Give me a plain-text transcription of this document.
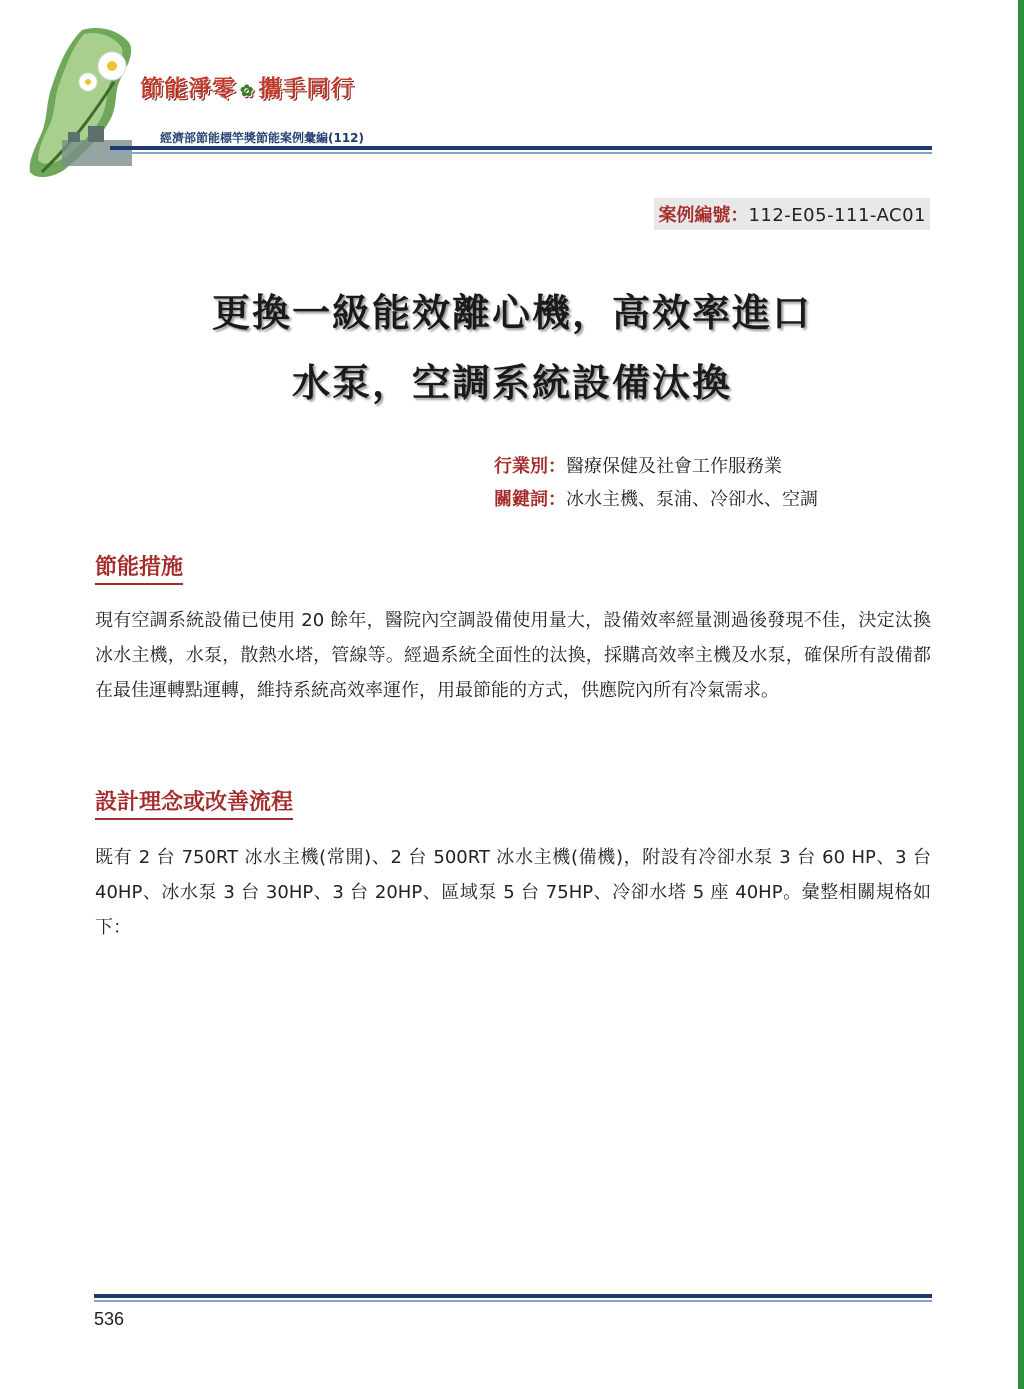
節能淨零 ✿ 攜手同行
經濟部節能標竿獎節能案例彙編(112)
案例編號：112-E05-111-AC01
更換一級能效離心機，高效率進口
水泵，空調系統設備汰換
行業別：醫療保健及社會工作服務業
關鍵詞：冰水主機、泵浦、冷卻水、空調
節能措施
現有空調系統設備已使用 20 餘年，醫院內空調設備使用量大，設備效率經量測過後發現不佳，決定汰換冰水主機，水泵，散熱水塔，管線等。經過系統全面性的汰換，採購高效率主機及水泵，確保所有設備都在最佳運轉點運轉，維持系統高效率運作，用最節能的方式，供應院內所有冷氣需求。
設計理念或改善流程
既有 2 台 750RT 冰水主機(常開)、2 台 500RT 冰水主機(備機)，附設有冷卻水泵 3 台 60 HP、3 台 40HP、冰水泵 3 台 30HP、3 台 20HP、區域泵 5 台 75HP、冷卻水塔 5 座 40HP。彙整相關規格如下：
536
